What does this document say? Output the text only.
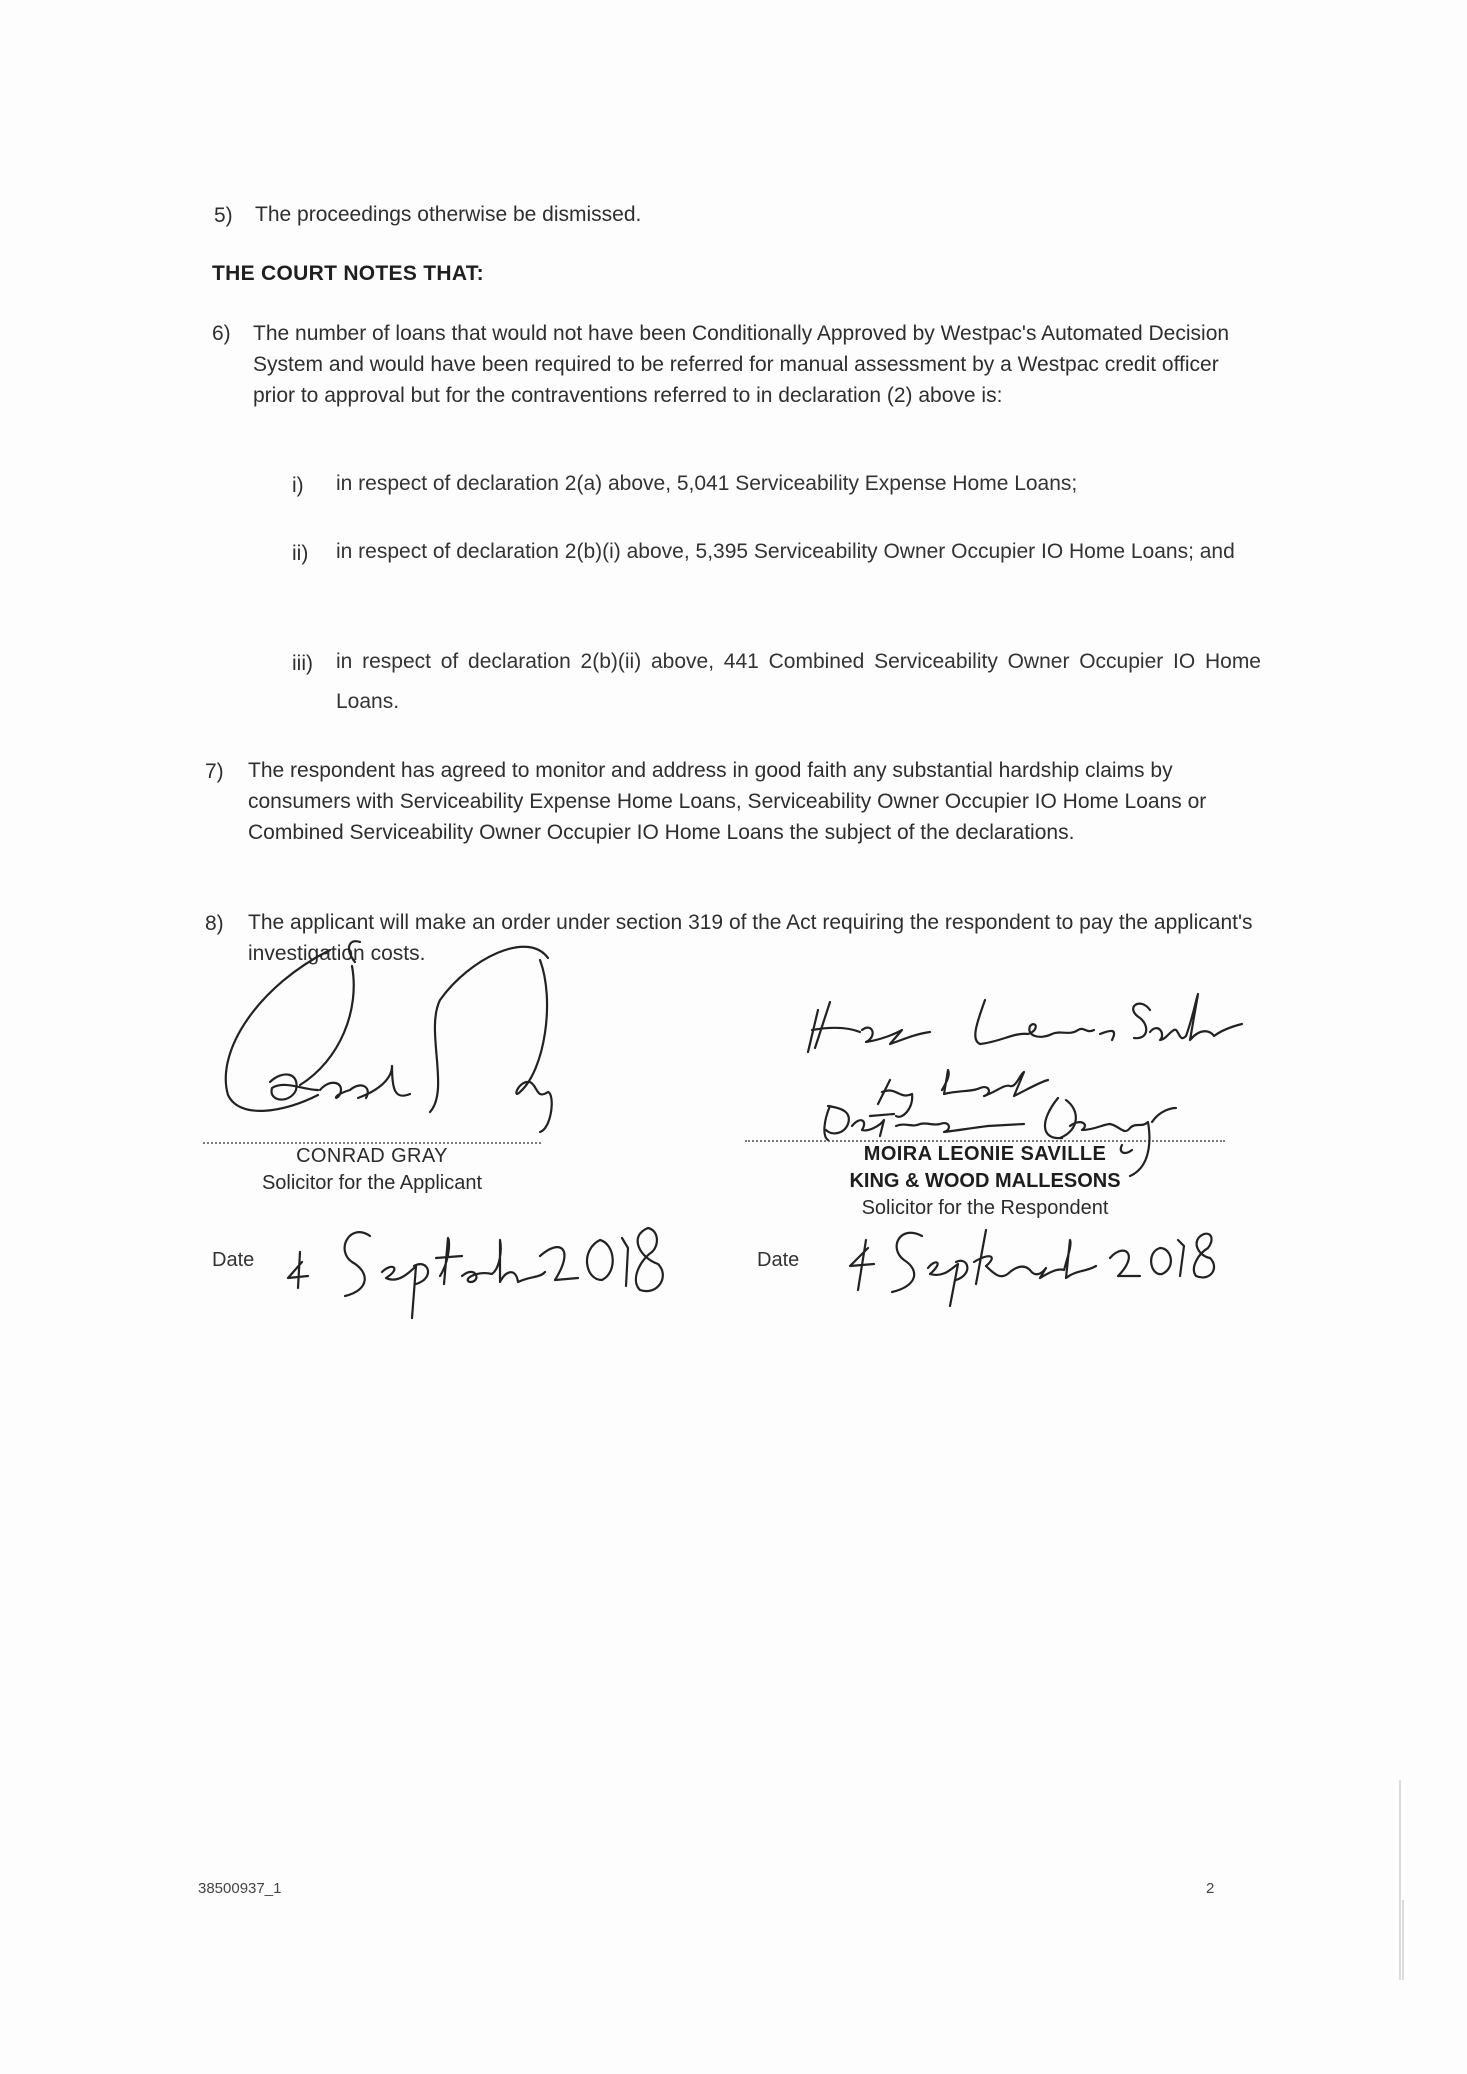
5) The proceedings otherwise be dismissed.
THE COURT NOTES THAT:
6) The number of loans that would not have been Conditionally Approved by Westpac's Automated Decision System and would have been required to be referred for manual assessment by a Westpac credit officer prior to approval but for the contraventions referred to in declaration (2) above is:
i) in respect of declaration 2(a) above, 5,041 Serviceability Expense Home Loans;
ii) in respect of declaration 2(b)(i) above, 5,395 Serviceability Owner Occupier IO Home Loans; and
iii) in respect of declaration 2(b)(ii) above, 441 Combined Serviceability Owner Occupier IO Home Loans.
7) The respondent has agreed to monitor and address in good faith any substantial hardship claims by consumers with Serviceability Expense Home Loans, Serviceability Owner Occupier IO Home Loans or Combined Serviceability Owner Occupier IO Home Loans the subject of the declarations.
8) The applicant will make an order under section 319 of the Act requiring the respondent to pay the applicant's investigation costs.
CONRAD GRAY
Solicitor for the Applicant
MOIRA LEONIE SAVILLE
KING & WOOD MALLESONS
Solicitor for the Respondent
Date	Date
38500937_1	2
